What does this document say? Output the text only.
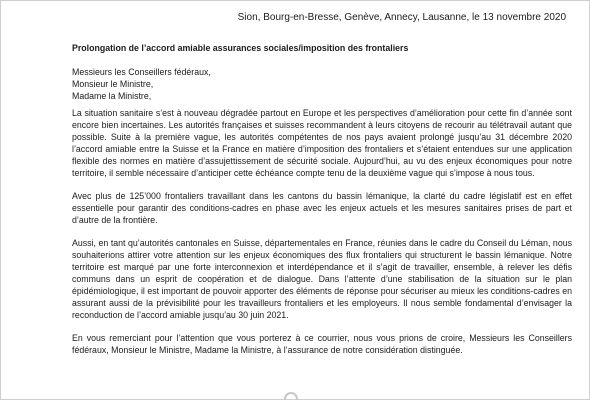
Sion, Bourg-en-Bresse, Genève, Annecy, Lausanne, le 13 novembre 2020
Prolongation de l’accord amiable assurances sociales/imposition des frontaliers
Messieurs les Conseillers fédéraux,
Monsieur le Ministre,
Madame la Ministre,

La situation sanitaire s’est à nouveau dégradée partout en Europe et les perspectives d’amélioration pour cette fin d’année sont encore bien incertaines. Les autorités françaises et suisses recommandent à leurs citoyens de recourir au télétravail autant que possible. Suite à la première vague, les autorités compétentes de nos pays avaient prolongé jusqu’au 31 décembre 2020 l’accord amiable entre la Suisse et la France en matière d’imposition des frontaliers et s’étaient entendues sur une application flexible des normes en matière d’assujettissement de sécurité sociale. Aujourd’hui, au vu des enjeux économiques pour notre territoire, il semble nécessaire d’anticiper cette échéance compte tenu de la deuxième vague qui s’impose à nous tous.

Avec plus de 125’000 frontaliers travaillant dans les cantons du bassin lémanique, la clarté du cadre législatif est en effet essentielle pour garantir des conditions-cadres en phase avec les enjeux actuels et les mesures sanitaires prises de part et d’autre de la frontière.

Aussi, en tant qu’autorités cantonales en Suisse, départementales en France, réunies dans le cadre du Conseil du Léman, nous souhaiterions attirer votre attention sur les enjeux économiques des flux frontaliers qui structurent le bassin lémanique. Notre territoire est marqué par une forte interconnexion et interdépendance et il s’agit de travailler, ensemble, à relever les défis communs dans un esprit de coopération et de dialogue. Dans l’attente d’une stabilisation de la situation sur le plan épidémiologique, il est important de pouvoir apporter des éléments de réponse pour sécuriser au mieux les conditions-cadres en assurant aussi de la prévisibilité pour les travailleurs frontaliers et les employeurs. Il nous semble fondamental d’envisager la reconduction de l’accord amiable jusqu’au 30 juin 2021.

En vous remerciant pour l’attention que vous porterez à ce courrier, nous vous prions de croire, Messieurs les Conseillers fédéraux, Monsieur le Ministre, Madame la Ministre, à l’assurance de notre considération distinguée.
